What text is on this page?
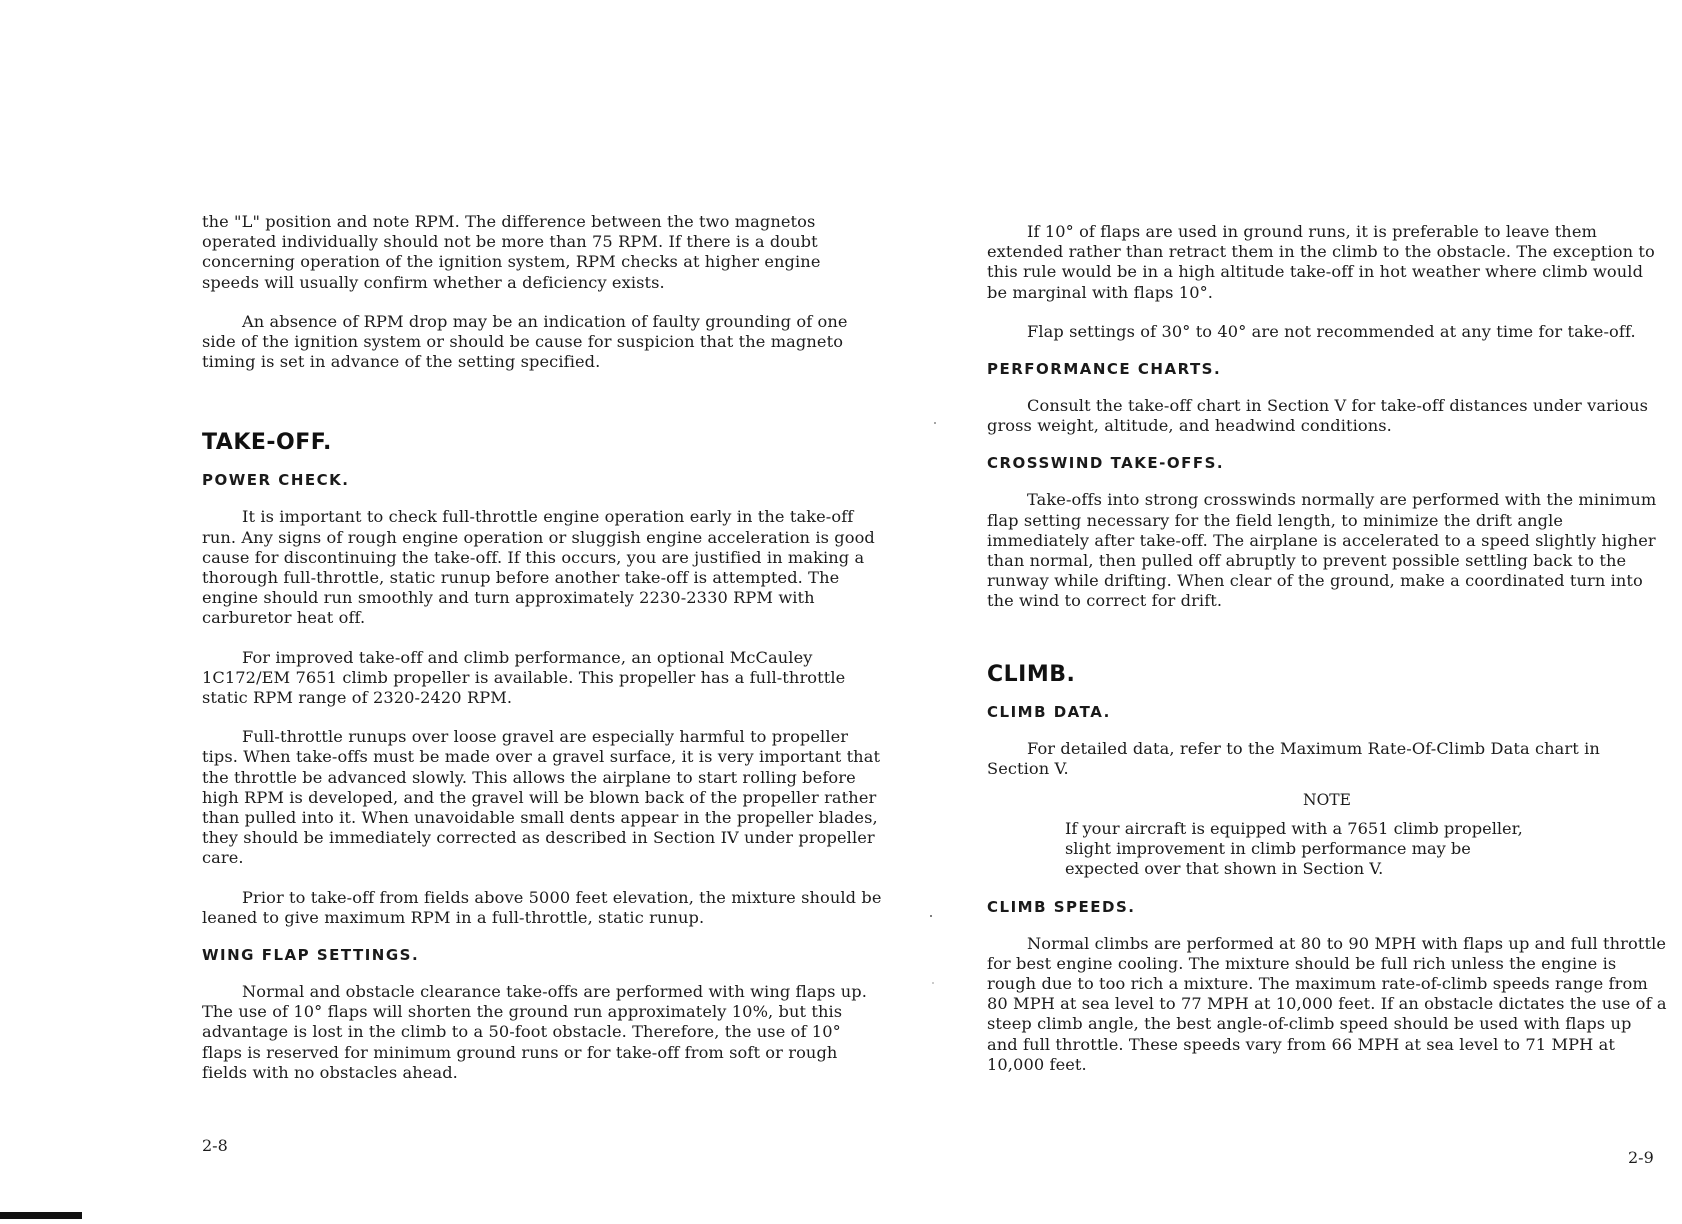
the "L" position and note RPM. The difference between the two magnetos operated individually should not be more than 75 RPM. If there is a doubt concerning operation of the ignition system, RPM checks at higher engine speeds will usually confirm whether a deficiency exists.

An absence of RPM drop may be an indication of faulty grounding of one side of the ignition system or should be cause for suspicion that the magneto timing is set in advance of the setting specified.

TAKE-OFF.
POWER CHECK.

It is important to check full-throttle engine operation early in the take-off run. Any signs of rough engine operation or sluggish engine acceleration is good cause for discontinuing the take-off. If this occurs, you are justified in making a thorough full-throttle, static runup before another take-off is attempted. The engine should run smoothly and turn approximately 2230-2330 RPM with carburetor heat off.

For improved take-off and climb performance, an optional McCauley 1C172/EM 7651 climb propeller is available. This propeller has a full-throttle static RPM range of 2320-2420 RPM.

Full-throttle runups over loose gravel are especially harmful to propeller tips. When take-offs must be made over a gravel surface, it is very important that the throttle be advanced slowly. This allows the airplane to start rolling before high RPM is developed, and the gravel will be blown back of the propeller rather than pulled into it. When unavoidable small dents appear in the propeller blades, they should be immediately corrected as described in Section IV under propeller care.

Prior to take-off from fields above 5000 feet elevation, the mixture should be leaned to give maximum RPM in a full-throttle, static runup.

WING FLAP SETTINGS.

Normal and obstacle clearance take-offs are performed with wing flaps up. The use of 10° flaps will shorten the ground run approximately 10%, but this advantage is lost in the climb to a 50-foot obstacle. Therefore, the use of 10° flaps is reserved for minimum ground runs or for take-off from soft or rough fields with no obstacles ahead.

2-8

If 10° of flaps are used in ground runs, it is preferable to leave them extended rather than retract them in the climb to the obstacle. The exception to this rule would be in a high altitude take-off in hot weather where climb would be marginal with flaps 10°.

Flap settings of 30° to 40° are not recommended at any time for take-off.

PERFORMANCE CHARTS.

Consult the take-off chart in Section V for take-off distances under various gross weight, altitude, and headwind conditions.

CROSSWIND TAKE-OFFS.

Take-offs into strong crosswinds normally are performed with the minimum flap setting necessary for the field length, to minimize the drift angle immediately after take-off. The airplane is accelerated to a speed slightly higher than normal, then pulled off abruptly to prevent possible settling back to the runway while drifting. When clear of the ground, make a coordinated turn into the wind to correct for drift.

CLIMB.
CLIMB DATA.

For detailed data, refer to the Maximum Rate-Of-Climb Data chart in Section V.

NOTE

If your aircraft is equipped with a 7651 climb propeller, slight improvement in climb performance may be expected over that shown in Section V.

CLIMB SPEEDS.

Normal climbs are performed at 80 to 90 MPH with flaps up and full throttle for best engine cooling. The mixture should be full rich unless the engine is rough due to too rich a mixture. The maximum rate-of-climb speeds range from 80 MPH at sea level to 77 MPH at 10,000 feet. If an obstacle dictates the use of a steep climb angle, the best angle-of-climb speed should be used with flaps up and full throttle. These speeds vary from 66 MPH at sea level to 71 MPH at 10,000 feet.

2-9
